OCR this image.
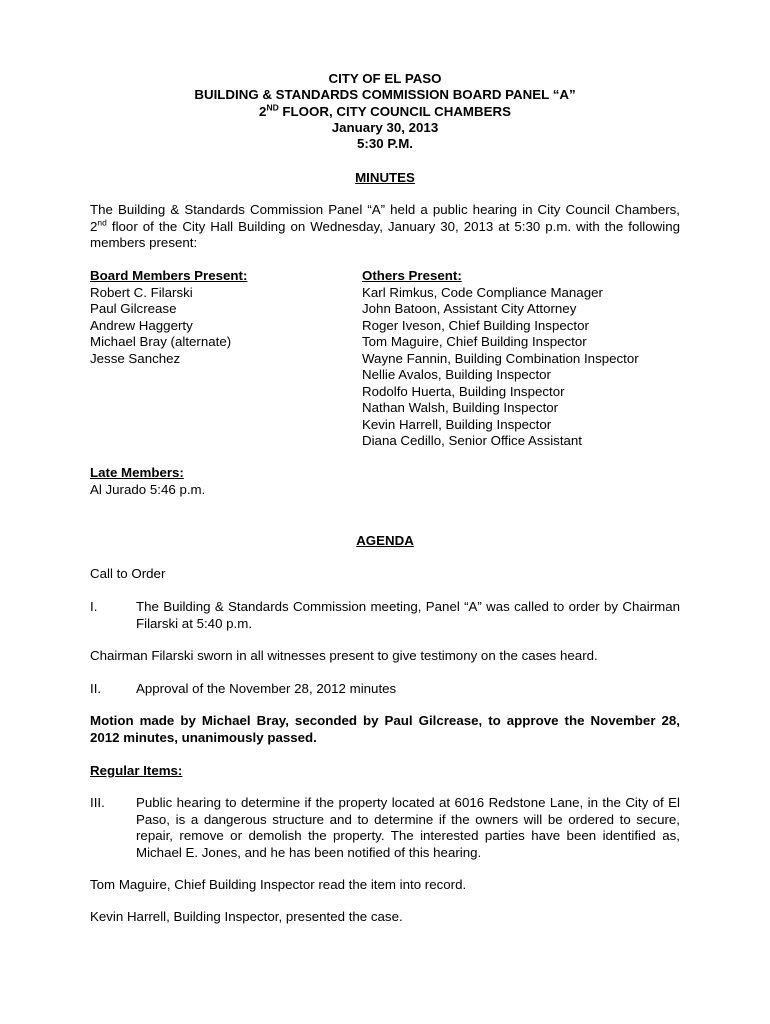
CITY OF EL PASO
BUILDING & STANDARDS COMMISSION BOARD PANEL “A”
2ND FLOOR, CITY COUNCIL CHAMBERS
January 30, 2013
5:30 P.M.
MINUTES
The Building & Standards Commission Panel “A” held a public hearing in City Council Chambers, 2nd floor of the City Hall Building on Wednesday, January 30, 2013 at 5:30 p.m. with the following members present:
Board Members Present:
Robert C. Filarski
Paul Gilcrease
Andrew Haggerty
Michael Bray (alternate)
Jesse Sanchez
Others Present:
Karl Rimkus, Code Compliance Manager
John Batoon, Assistant City Attorney
Roger Iveson, Chief Building Inspector
Tom Maguire, Chief Building Inspector
Wayne Fannin, Building Combination Inspector
Nellie Avalos, Building Inspector
Rodolfo Huerta, Building Inspector
Nathan Walsh, Building Inspector
Kevin Harrell, Building Inspector
Diana Cedillo, Senior Office Assistant
Late Members:
Al Jurado 5:46 p.m.
AGENDA
Call to Order
I.	The Building & Standards Commission meeting, Panel “A” was called to order by Chairman Filarski at 5:40 p.m.
Chairman Filarski sworn in all witnesses present to give testimony on the cases heard.
II.	Approval of the November 28, 2012 minutes
Motion made by Michael Bray, seconded by Paul Gilcrease, to approve the November 28, 2012 minutes, unanimously passed.
Regular Items:
III. Public hearing to determine if the property located at 6016 Redstone Lane, in the City of El Paso, is a dangerous structure and to determine if the owners will be ordered to secure, repair, remove or demolish the property. The interested parties have been identified as, Michael E. Jones, and he has been notified of this hearing.
Tom Maguire, Chief Building Inspector read the item into record.
Kevin Harrell, Building Inspector, presented the case.
